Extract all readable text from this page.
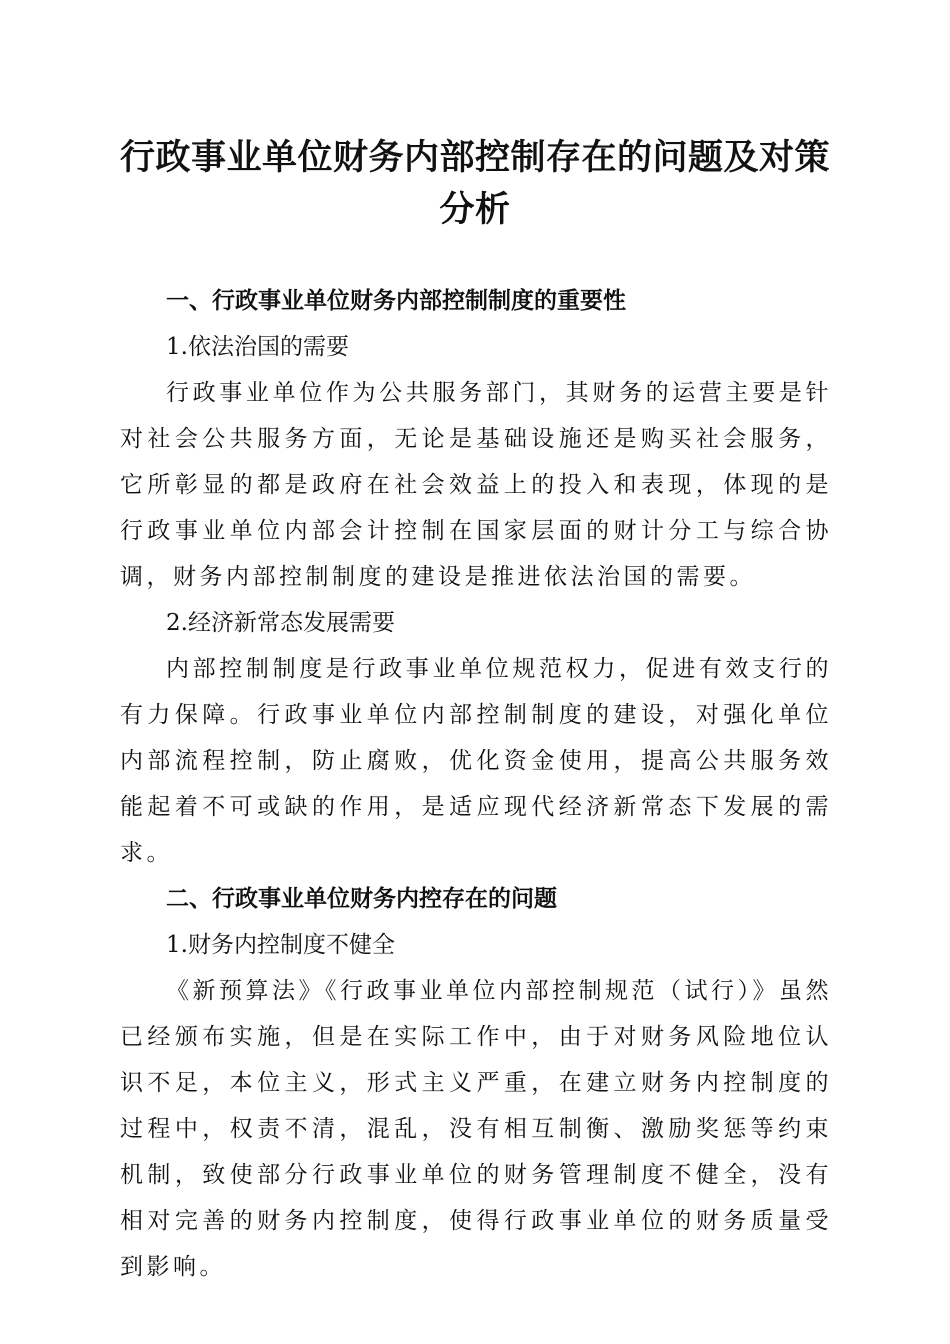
行政事业单位财务内部控制存在的问题及对策分析

一、行政事业单位财务内部控制制度的重要性

1.依法治国的需要

行政事业单位作为公共服务部门，其财务的运营主要是针对社会公共服务方面，无论是基础设施还是购买社会服务，它所彰显的都是政府在社会效益上的投入和表现，体现的是行政事业单位内部会计控制在国家层面的财计分工与综合协调，财务内部控制制度的建设是推进依法治国的需要。

2.经济新常态发展需要

内部控制制度是行政事业单位规范权力，促进有效支行的有力保障。行政事业单位内部控制制度的建设，对强化单位内部流程控制，防止腐败，优化资金使用，提高公共服务效能起着不可或缺的作用，是适应现代经济新常态下发展的需求。

二、行政事业单位财务内控存在的问题

1.财务内控制度不健全

《新预算法》《行政事业单位内部控制规范（试行）》虽然已经颁布实施，但是在实际工作中，由于对财务风险地位认识不足，本位主义，形式主义严重，在建立财务内控制度的过程中，权责不清，混乱，没有相互制衡、激励奖惩等约束机制，致使部分行政事业单位的财务管理制度不健全，没有相对完善的财务内控制度，使得行政事业单位的财务质量受到影响。
